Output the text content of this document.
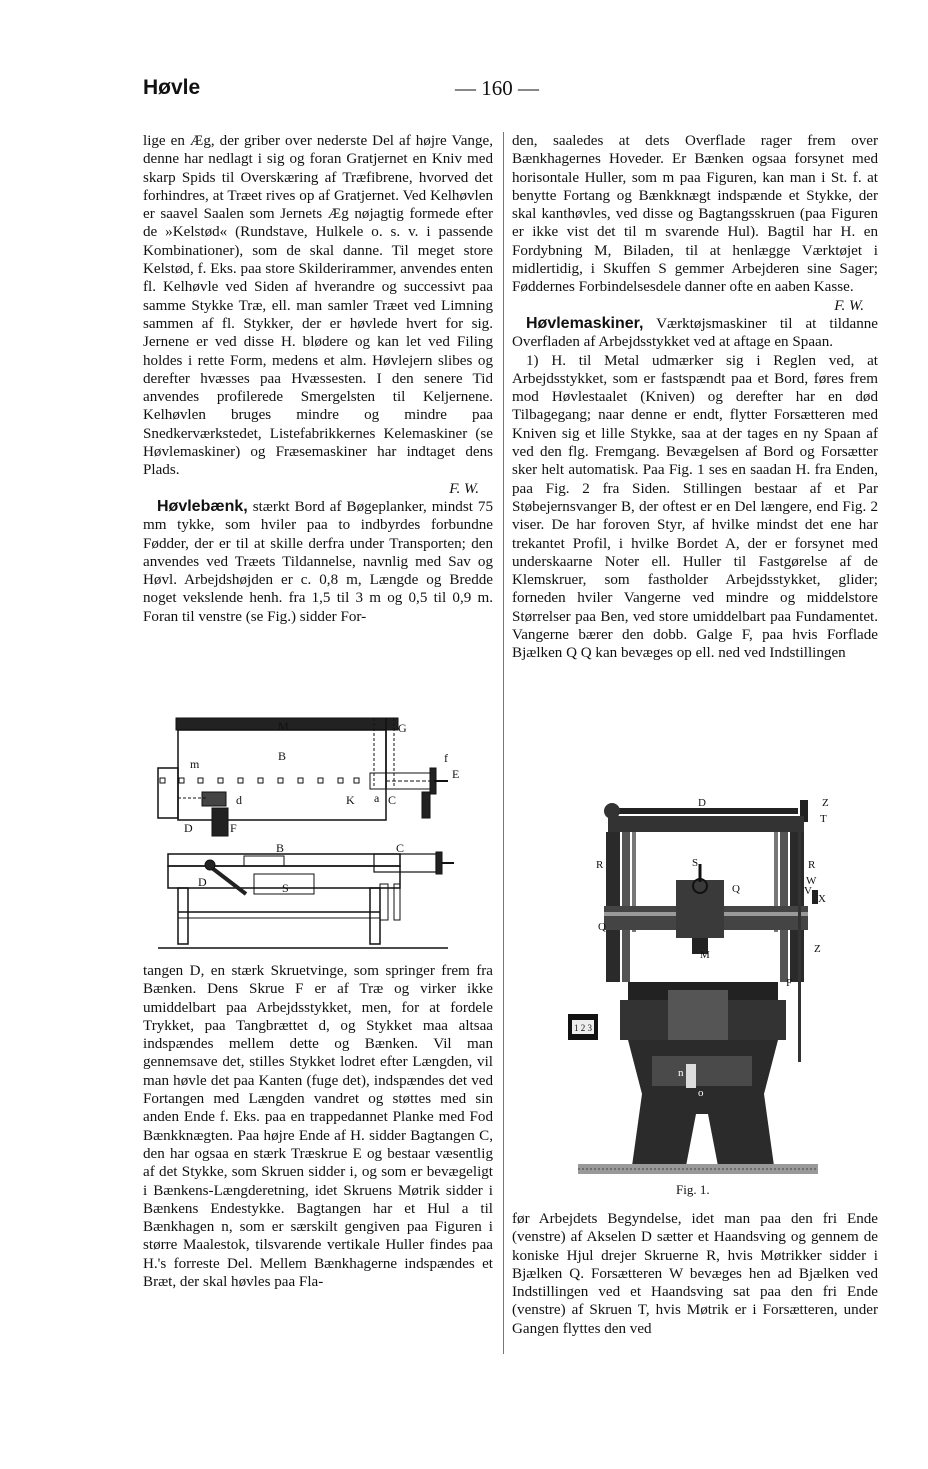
Høvle	— 160 —

lige en Æg, der griber over nederste Del af højre Vange, denne har nedlagt i sig og foran Gratjernet en Kniv med skarp Spids til Overskæring af Træfibrene, hvorved det forhindres, at Træet rives op af Gratjernet. Ved Kelhøvlen er saavel Saalen som Jernets Æg nøjagtig formede efter de »Kelstød« (Rundstave, Hulkele o. s. v. i passende Kombinationer), som de skal danne. Til meget store Kelstød, f. Eks. paa store Skilderirammer, anvendes enten fl. Kelhøvle ved Siden af hverandre og successivt paa samme Stykke Træ, ell. man samler Træet ved Limning sammen af fl. Stykker, der er høvlede hvert for sig. Jernene er ved disse H. blødere og kan let ved Filing holdes i rette Form, medens et alm. Høvlejern slibes og derefter hvæsses paa Hvæssesten. I den senere Tid anvendes profilerede Smergelsten til Keljernene. Kelhøvlen bruges mindre og mindre paa Snedkerværkstedet, Listefabrikkernes Kelemaskiner (se Høvlemaskiner) og Fræsemaskiner har indtaget dens Plads.

F. W.

Høvlebænk, stærkt Bord af Bøgeplanker, mindst 75 mm tykke, som hviler paa to indbyrdes forbundne Fødder, der er til at skille derfra under Transporten; den anvendes ved Træets Tildannelse, navnlig med Sav og Høvl. Arbejdshøjden er c. 0,8 m, Længde og Bredde noget vekslende henh. fra 1,5 til 3 m og 0,5 til 0,9 m. Foran til venstre (se Fig.) sidder For-

M	G
B	f
E
m
d	K a C
D	F
B	C
D	S

tangen D, en stærk Skruetvinge, som springer frem fra Bænken. Dens Skrue F er af Træ og virker ikke umiddelbart paa Arbejdsstykket, men, for at fordele Trykket, paa Tangbrættet d, og Stykket maa altsaa indspændes mellem dette og Bænken. Vil man gennemsave det, stilles Stykket lodret efter Længden, vil man høvle det paa Kanten (fuge det), indspændes det ved Fortangen med Længden vandret og støttes med sin anden Ende f. Eks. paa en trappedannet Planke med Fod Bænkknægten. Paa højre Ende af H. sidder Bagtangen C, den har ogsaa en stærk Træskrue E og bestaar væsentlig af det Stykke, som Skruen sidder i, og som er bevægeligt i Bænkens-Længderetning, idet Skruens Møtrik sidder i Bænkens Endestykke. Bagtangen har et Hul a til Bænkhagen n, som er særskilt gengiven paa Figuren i større Maalestok, tilsvarende vertikale Huller findes paa H.'s forreste Del. Mellem Bænkhagerne indspændes et Bræt, der skal høvles paa Fla-

den, saaledes at dets Overflade rager frem over Bænkhagernes Hoveder. Er Bænken ogsaa forsynet med horisontale Huller, som m paa Figuren, kan man i St. f. at benytte Fortang og Bænkknægt indspænde et Stykke, der skal kanthøvles, ved disse og Bagtangsskruen (paa Figuren er ikke vist det til m svarende Hul). Bagtil har H. en Fordybning M, Biladen, til at henlægge Værktøjet i midlertidig, i Skuffen S gemmer Arbejderen sine Sager; Føddernes Forbindelsesdele danner ofte en aaben Kasse.

F. W.

Høvlemaskiner, Værktøjsmaskiner til at tildanne Overfladen af Arbejdsstykket ved at aftage en Spaan.

1) H. til Metal udmærker sig i Reglen ved, at Arbejdsstykket, som er fastspændt paa et Bord, føres frem mod Høvlestaalet (Kniven) og derefter har en død Tilbagegang; naar denne er endt, flytter Forsætteren med Kniven sig et lille Stykke, saa at der tages en ny Spaan af ved den flg. Fremgang. Bevægelsen af Bord og Forsætter sker helt automatisk. Paa Fig. 1 ses en saadan H. fra Enden, paa Fig. 2 fra Siden. Stillingen bestaar af et Par Støbejernsvanger B, der oftest er en Del længere, end Fig. 2 viser. De har foroven Styr, af hvilke mindst det ene har trekantet Profil, i hvilke Bordet A, der er forsynet med underskaarne Noter ell. Huller til Fastgørelse af de Klemskruer, som fastholder Arbejdsstykket, glider; forneden hviler Vangerne ved mindre og middelstore Størrelser paa Ben, ved store umiddelbart paa Fundamentet. Vangerne bærer den dobb. Galge F, paa hvis Forflade Bjælken Q Q kan bevæges op ell. ned ved Indstillingen

1 2 3
D	Z
T
R	R
S
W
Q
Q
V
X
Z
M
F
n
o
Fig. 1.

før Arbejdets Begyndelse, idet man paa den fri Ende (venstre) af Akselen D sætter et Haandsving og gennem de koniske Hjul drejer Skruerne R, hvis Møtrikker sidder i Bjælken Q. Forsætteren W bevæges hen ad Bjælken ved Indstillingen ved et Haandsving sat paa den fri Ende (venstre) af Skruen T, hvis Møtrik er i Forsætteren, under Gangen flyttes den ved
